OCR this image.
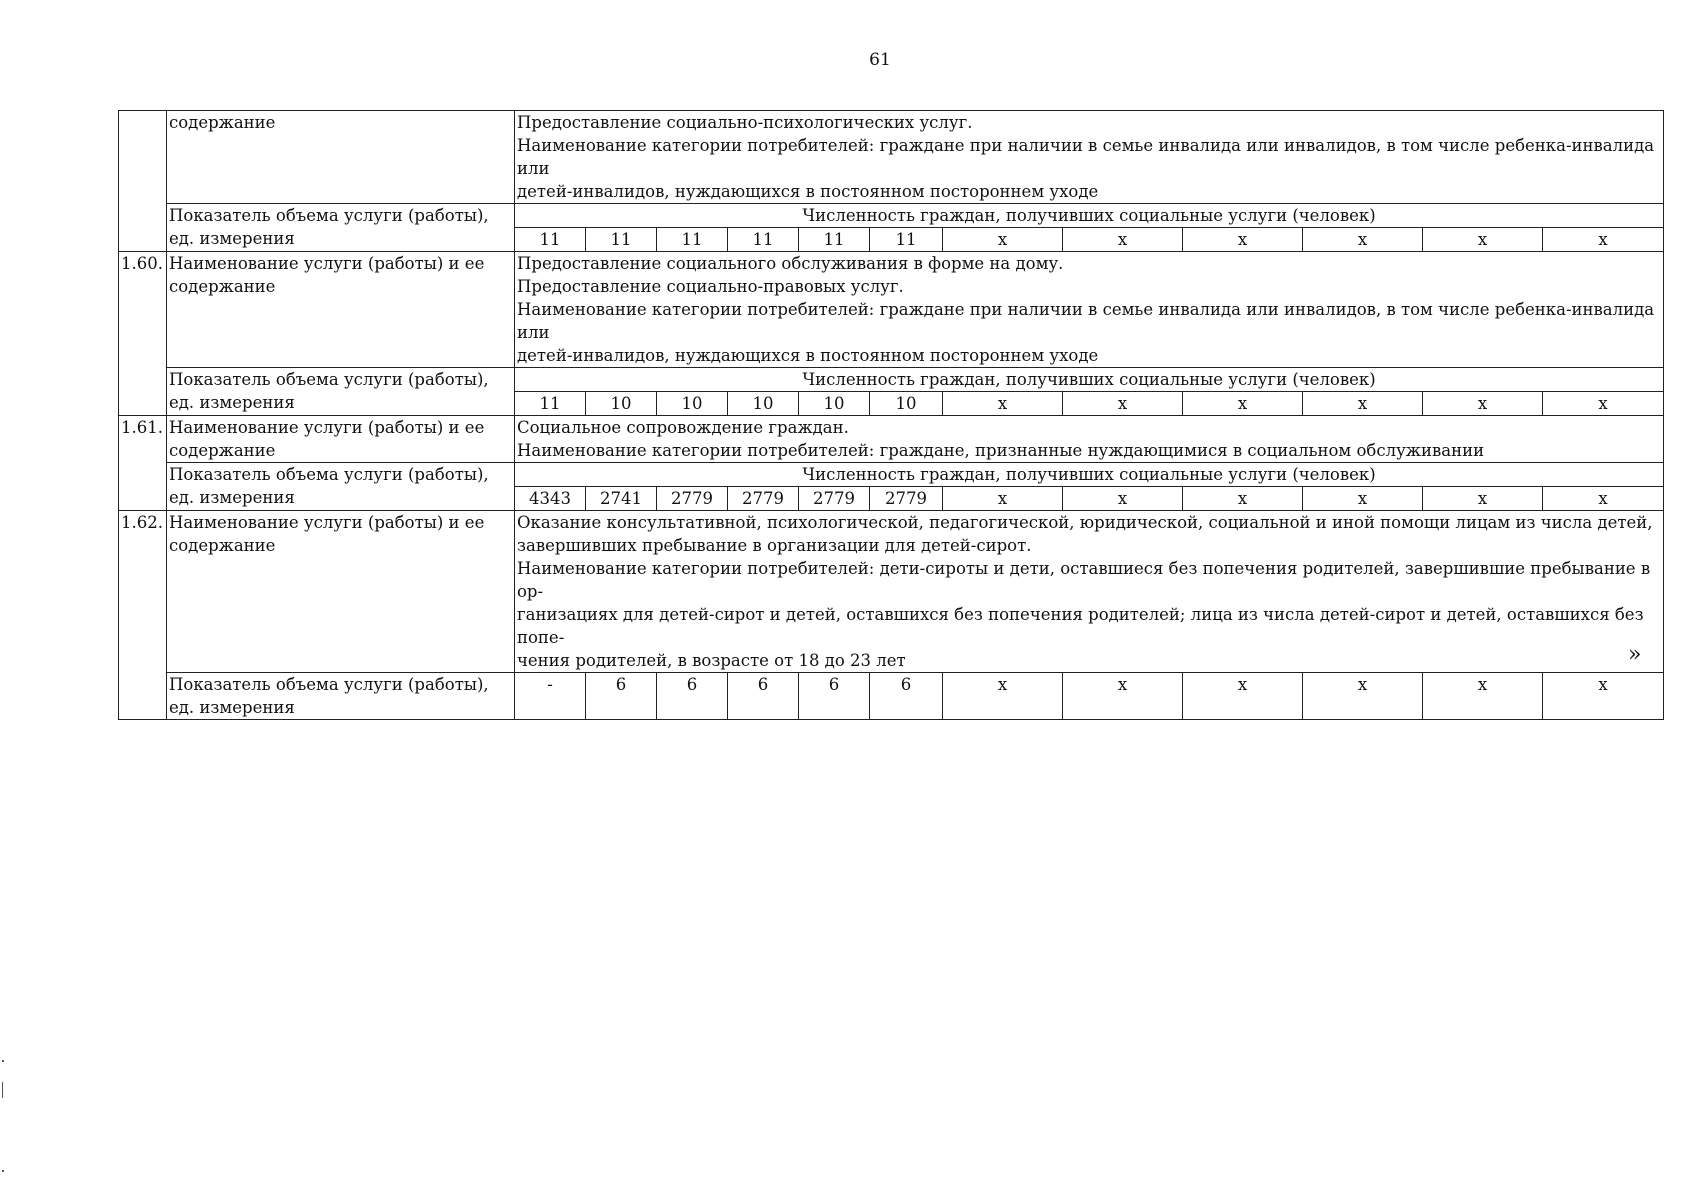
61
	содержание	Предоставление социально-психологических услуг.
Наименование категории потребителей: граждане при наличии в семье инвалида или инвалидов, в том числе ребенка-инвалида или
детей-инвалидов, нуждающихся в постоянном постороннем уходе											

	Показатель объема услуги (работы), ед. измерения	Численность граждан, получивших социальные услуги (человек)											
		11	11	11	11	11	11	x	x	x	x	x	x
1.60.	Наименование услуги (работы) и ее содержание	Предоставление социального обслуживания в форме на дому.
Предоставление социально-правовых услуг.
Наименование категории потребителей: граждане при наличии в семье инвалида или инвалидов, в том числе ребенка-инвалида или
детей-инвалидов, нуждающихся в постоянном постороннем уходе											

	Показатель объема услуги (работы), ед. измерения	Численность граждан, получивших социальные услуги (человек)											
		11	10	10	10	10	10	x	x	x	x	x	x
1.61.	Наименование услуги (работы) и ее содержание	Социальное сопровождение граждан.
Наименование категории потребителей: граждане, признанные нуждающимися в социальном обслуживании											

	Показатель объема услуги (работы), ед. измерения	Численность граждан, получивших социальные услуги (человек)											
		4343	2741	2779	2779	2779	2779	x	x	x	x	x	x
1.62.	Наименование услуги (работы) и ее содержание	Оказание консультативной, психологической, педагогической, юридической, социальной и иной помощи лицам из числа детей,
завершивших пребывание в организации для детей-сирот.
Наименование категории потребителей: дети-сироты и дети, оставшиеся без попечения родителей, завершившие пребывание в ор-
ганизациях для детей-сирот и детей, оставшихся без попечения родителей; лица из числа детей-сирот и детей, оставшихся без попе-
чения родителей, в возрасте от 18 до 23 лет											

	Показатель объема услуги (работы), ед. измерения	-	6	6	6	6	6	x	x	x	x	x	x
»
